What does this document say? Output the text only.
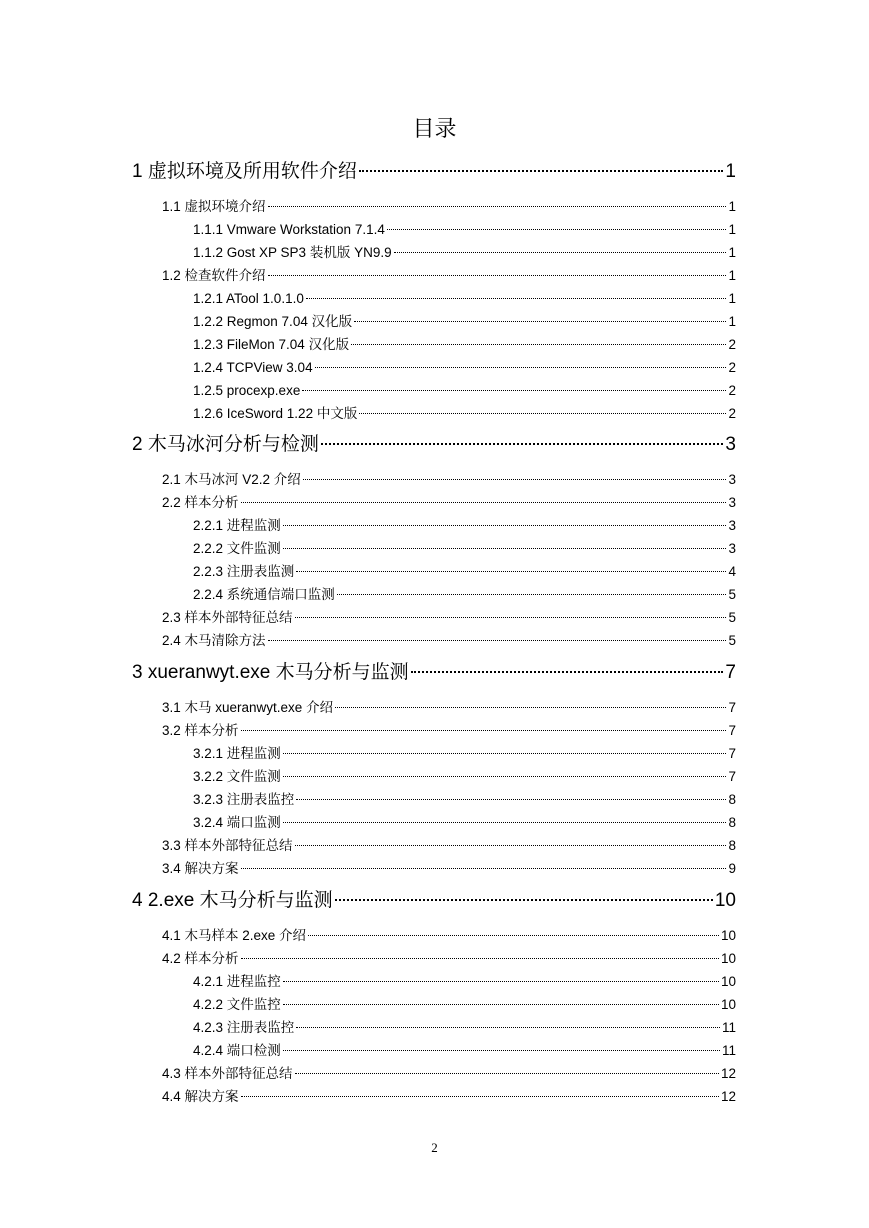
目录
1 虚拟环境及所用软件介绍	1
1.1 虚拟环境介绍	1
1.1.1 Vmware Workstation 7.1.4	1
1.1.2 Gost XP SP3 装机版 YN9.9	1
1.2 检查软件介绍	1
1.2.1 ATool 1.0.1.0	1
1.2.2 Regmon 7.04 汉化版	1
1.2.3 FileMon 7.04 汉化版	2
1.2.4 TCPView 3.04	2
1.2.5 procexp.exe	2
1.2.6 IceSword 1.22 中文版	2
2 木马冰河分析与检测	3
2.1 木马冰河 V2.2 介绍	3
2.2 样本分析	3
2.2.1 进程监测	3
2.2.2 文件监测	3
2.2.3 注册表监测	4
2.2.4 系统通信端口监测	5
2.3 样本外部特征总结	5
2.4 木马清除方法	5
3 xueranwyt.exe 木马分析与监测	7
3.1 木马 xueranwyt.exe 介绍	7
3.2 样本分析	7
3.2.1 进程监测	7
3.2.2 文件监测	7
3.2.3 注册表监控	8
3.2.4 端口监测	8
3.3 样本外部特征总结	8
3.4 解决方案	9
4 2.exe 木马分析与监测	10
4.1 木马样本 2.exe 介绍	10
4.2 样本分析	10
4.2.1 进程监控	10
4.2.2 文件监控	10
4.2.3 注册表监控	11
4.2.4 端口检测	11
4.3 样本外部特征总结	12
4.4 解决方案	12
2
